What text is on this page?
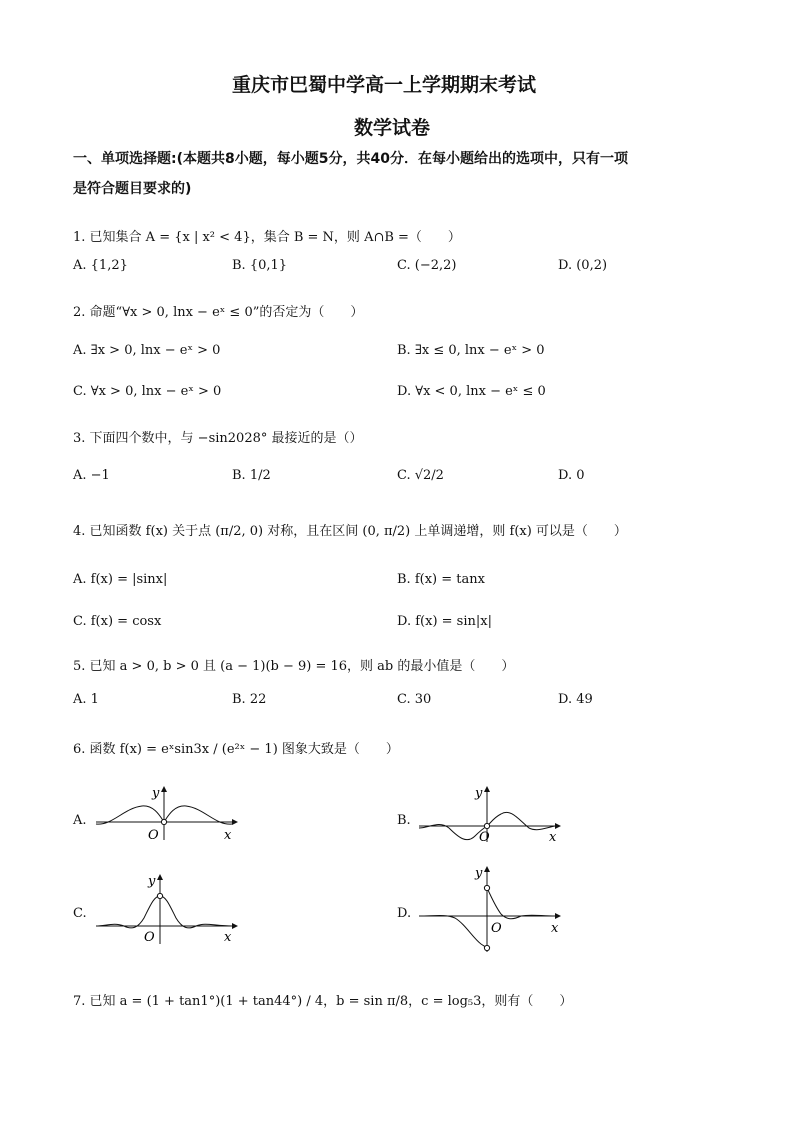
重庆市巴蜀中学高一上学期期末考试
数学试卷
一、单项选择题:(本题共8小题，每小题5分，共40分．在每小题给出的选项中，只有一项
是符合题目要求的)
1. 已知集合 A = {x | x² < 4}，集合 B = N，则 A∩B =（　　）
A. {1,2}	B. {0,1}	C. (−2,2)	D. (0,2)
2. 命题“∀x > 0, lnx − eˣ ≤ 0”的否定为（　　）
A. ∃x > 0, lnx − eˣ > 0	B. ∃x ≤ 0, lnx − eˣ > 0
C. ∀x > 0, lnx − eˣ > 0	D. ∀x < 0, lnx − eˣ ≤ 0
3. 下面四个数中，与 −sin2028° 最接近的是（）
A. −1	B. 1/2	C. √2/2	D. 0
4. 已知函数 f(x) 关于点 (π/2, 0) 对称，且在区间 (0, π/2) 上单调递增，则 f(x) 可以是（　　）
A. f(x) = |sinx|	B. f(x) = tanx
C. f(x) = cosx	D. f(x) = sin|x|
5. 已知 a > 0, b > 0 且 (a − 1)(b − 9) = 16，则 ab 的最小值是（　　）
A. 1	B. 22	C. 30	D. 49
6. 函数 f(x) = eˣsin3x / (e²ˣ − 1) 图象大致是（　　）
A.
y
O	x
B.
y
O	x
C.
y
O	x
D.
y
O	x
7. 已知 a = (1 + tan1°)(1 + tan44°) / 4，b = sin π/8，c = log₅3，则有（　　）
